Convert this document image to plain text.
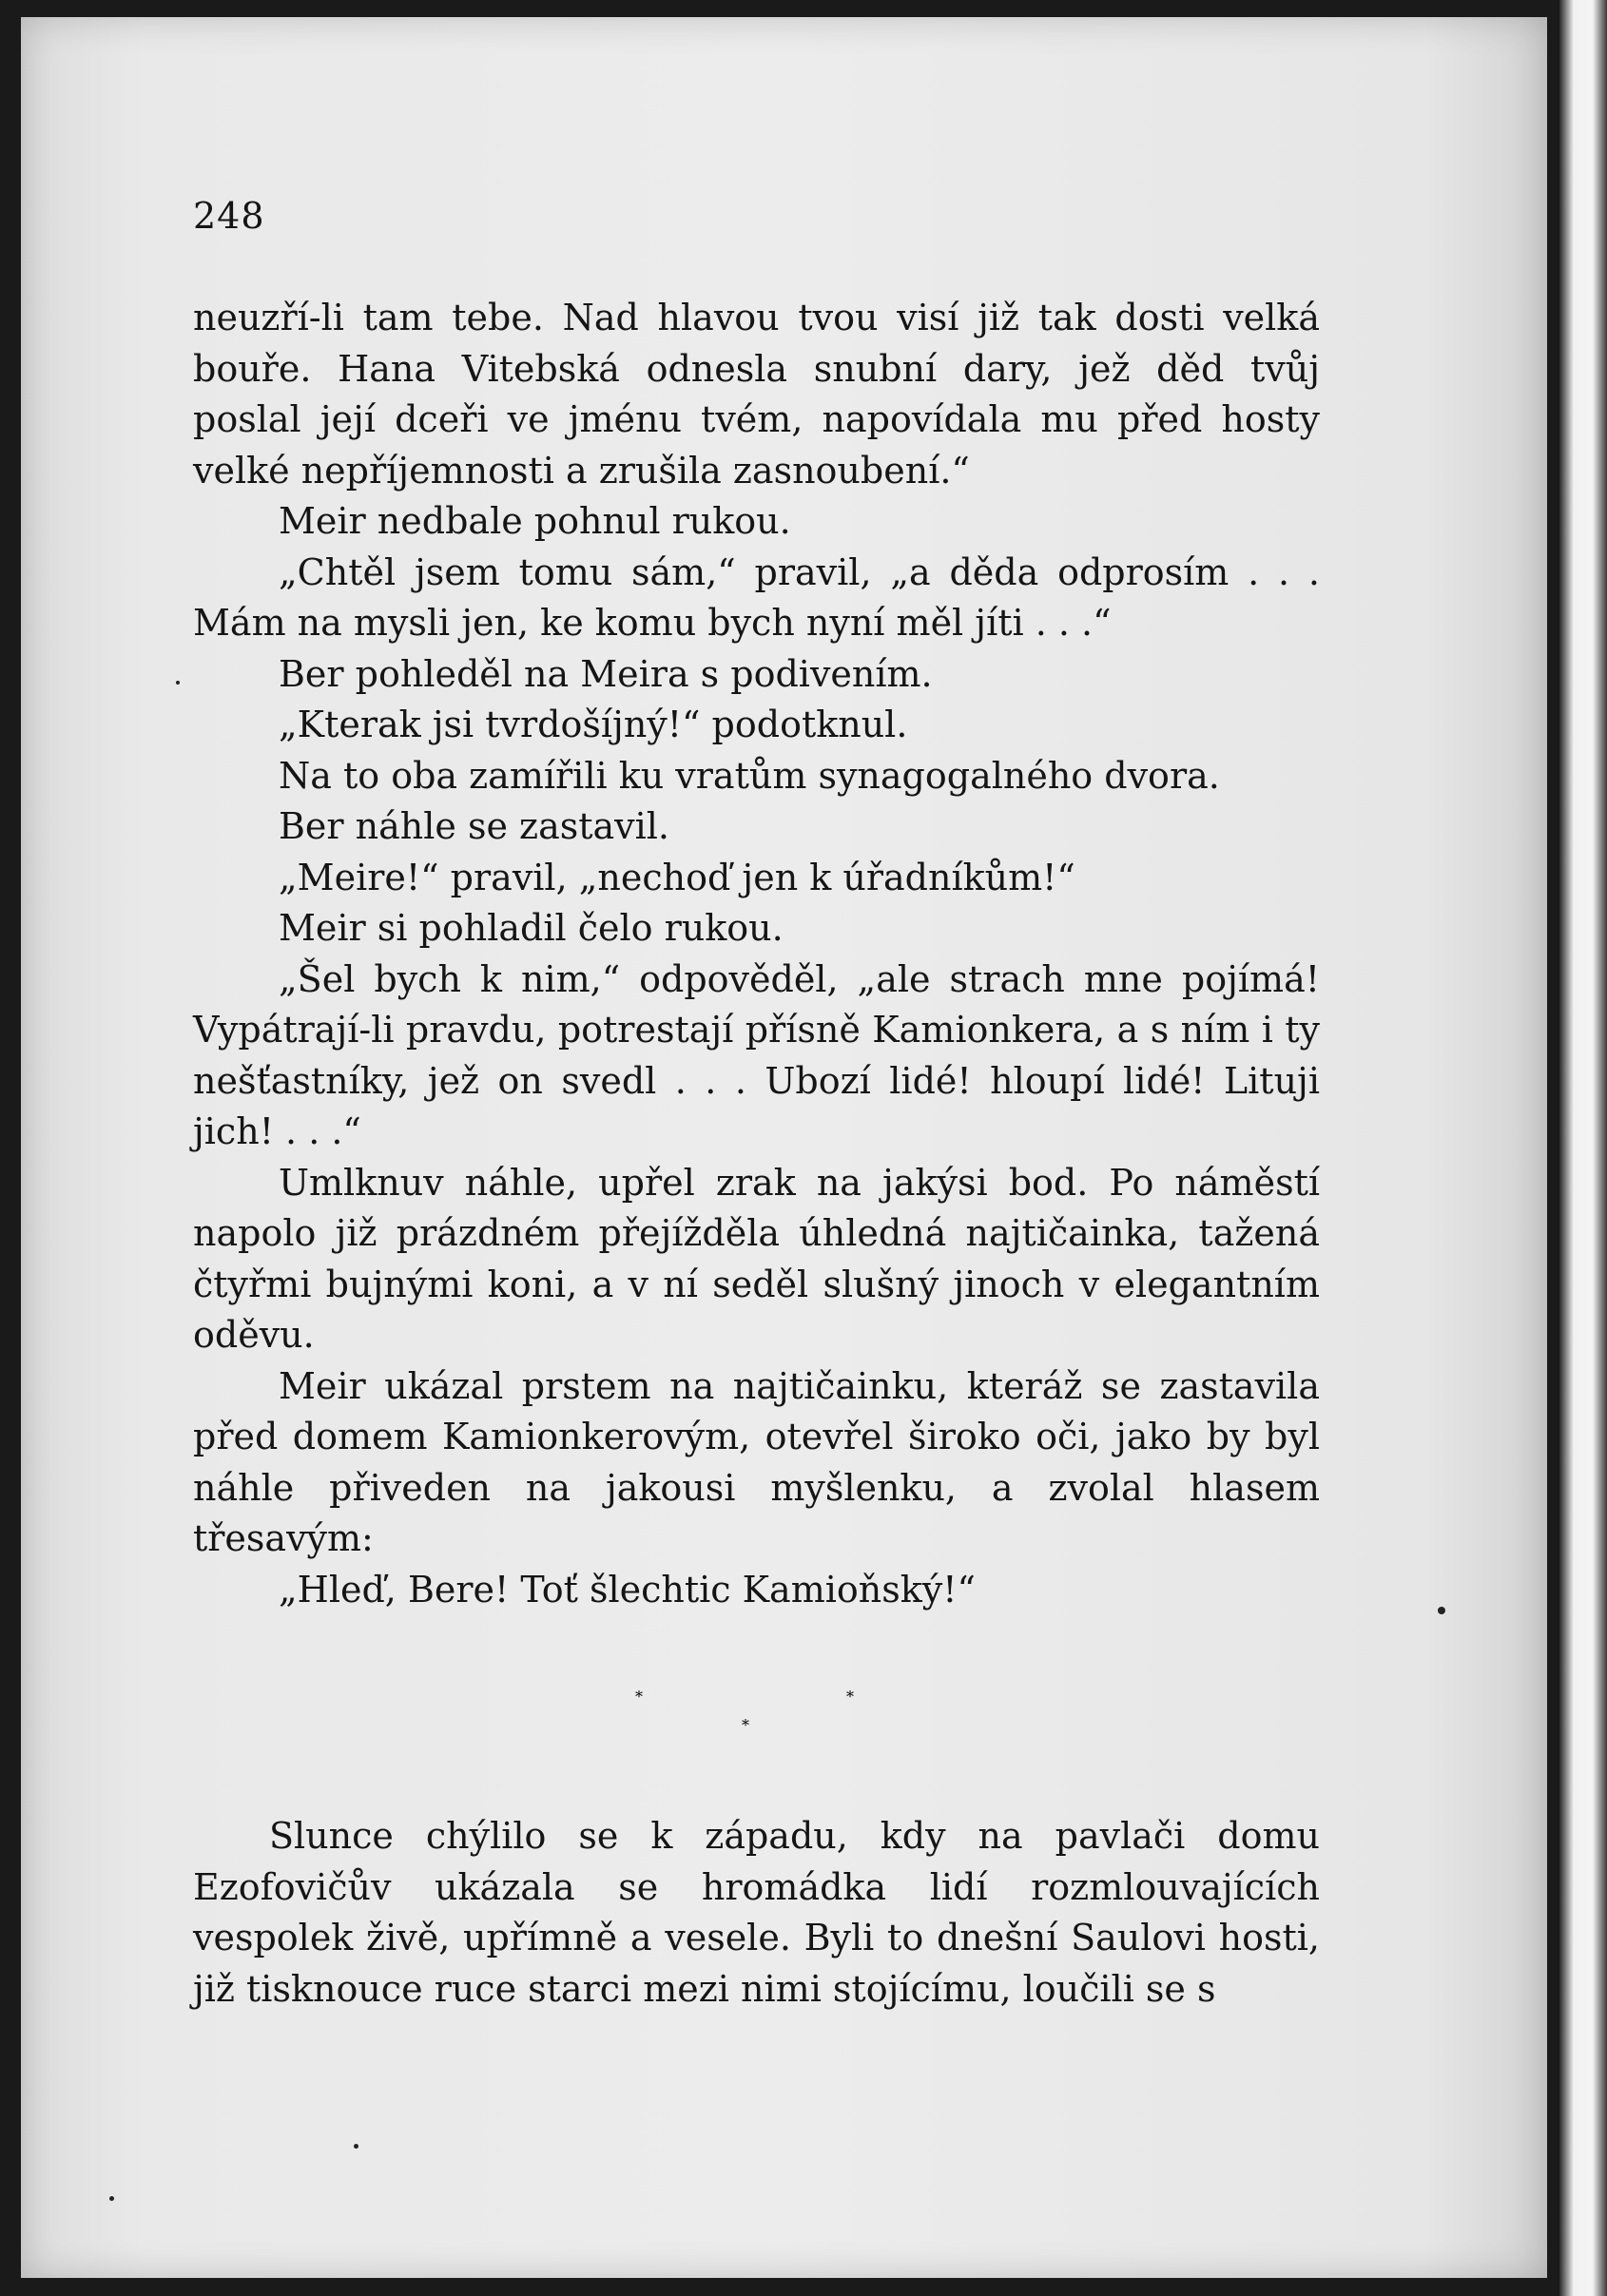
248

neuzří-li tam tebe. Nad hlavou tvou visí již tak dosti velká bouře. Hana Vitebská odnesla snubní dary, jež děd tvůj poslal její dceři ve jménu tvém, napovídala mu před hosty velké nepříjemnosti a zrušila zasnoubení.“

Meir nedbale pohnul rukou.

„Chtěl jsem tomu sám,“ pravil, „a děda odprosím . . . Mám na mysli jen, ke komu bych nyní měl jíti . . .“

Ber pohleděl na Meira s podivením.

„Kterak jsi tvrdošíjný!“ podotknul.

Na to oba zamířili ku vratům synagogalného dvora.

Ber náhle se zastavil.

„Meire!“ pravil, „nechoď jen k úřadníkům!“

Meir si pohladil čelo rukou.

„Šel bych k nim,“ odpověděl, „ale strach mne pojímá! Vypátrají-li pravdu, potrestají přísně Kamionkera, a s ním i ty nešťastníky, jež on svedl . . . Ubozí lidé! hloupí lidé! Lituji jich! . . .“

Umlknuv náhle, upřel zrak na jakýsi bod. Po náměstí napolo již prázdném přejížděla úhledná najtičainka, tažená čtyřmi bujnými koni, a v ní seděl slušný jinoch v elegantním oděvu.

Meir ukázal prstem na najtičainku, kteráž se zastavila před domem Kamionkerovým, otevřel široko oči, jako by byl náhle přiveden na jakousi myšlenku, a zvolal hlasem třesavým:

„Hleď, Bere! Toť šlechtic Kamioňský!“

*
*
*

Slunce chýlilo se k západu, kdy na pavlači domu Ezofovičův ukázala se hromádka lidí rozmlouvajících vespolek živě, upřímně a vesele. Byli to dnešní Saulovi hosti, již tisknouce ruce starci mezi nimi stojícímu, loučili se s
